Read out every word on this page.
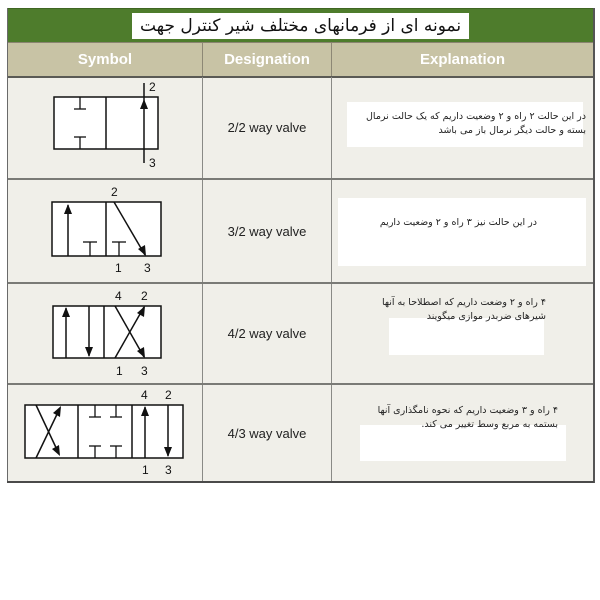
نمونه ای از فرمانهای مختلف شیر کنترل جهت
Symbol	Designation	Explanation
2
3
2/2 way valve
در این حالت ۲ راه و ۲ وضعیت داریم که یک حالت نرمال
بسته و حالت دیگر نرمال باز می باشد
2
1 3
3/2 way valve
در این حالت نیز ۳ راه و ۲ وضعیت داریم
4 2
1 3
4/2 way valve
۴ راه و ۲ وضعت داریم که اصطلاحا به آنها
شیرهای ضربدر موازی میگویند
4 2
1 3
4/3 way valve
۴ راه و ۳ وضعیت داریم که نحوه نامگذاری آنها
بستمه به مربع وسط تغییر می کند.
